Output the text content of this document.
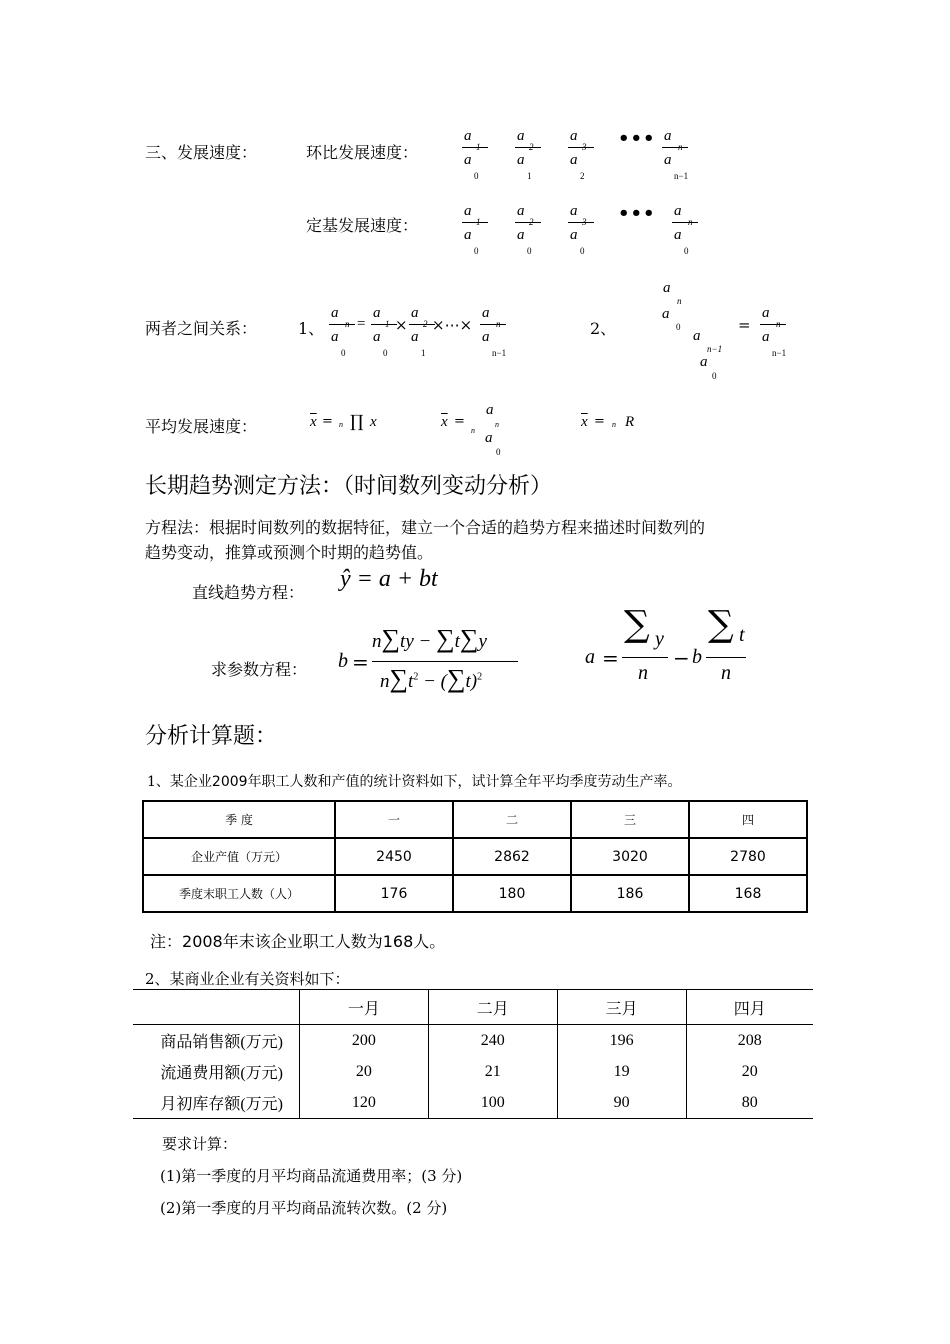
三、发展速度：	环比发展速度：
a
a
0
a
a
1
a
a
2
••• a
a
n−1
定基发展速度：
a
a
0
a
a
0
a
a
0
••• a
a
0
两者之间关系：	1、
a
a
0
=
a
a
0
×
a
a
1
×⋯×
a
a
n−1
2、
a
n
a
0
a
n−1
a
0
=
a
a
n−1
平均发展速度：	$\overline{x} = n$ ∏ x	$\overline{x}$ =
n
a
n
a
0
$\overline{x} = n$ R
长期趋势测定方法：（时间数列变动分析）
方程法：根据时间数列的数据特征，建立一个合适的趋势方程来描述时间数列的
趋势变动，推算或预测个时期的趋势值。
直线趋势方程：
ŷ = a + bt
求参数方程： b =
n∑ty − ∑t∑y
$n\sum t^2 - (\sum t)^2$
a =
∑ y
n
− b
∑ t
n
分析计算题：
1、某企业2009年职工人数和产值的统计资料如下，试计算全年平均季度劳动生产率。
季 度	一	二	三	四
企业产值（万元）	2450	2862	3020	2780
季度末职工人数（人）	176	180	186	168
注：2008年末该企业职工人数为168人。
2、某商业企业有关资料如下：
	一月	二月	三月	四月
商品销售额(万元)	200	240	196	208
流通费用额(万元)	20	21	19	20
月初库存额(万元)	120	100	90	80
要求计算：
(1)第一季度的月平均商品流通费用率；(3 分)
(2)第一季度的月平均商品流转次数。(2 分)
